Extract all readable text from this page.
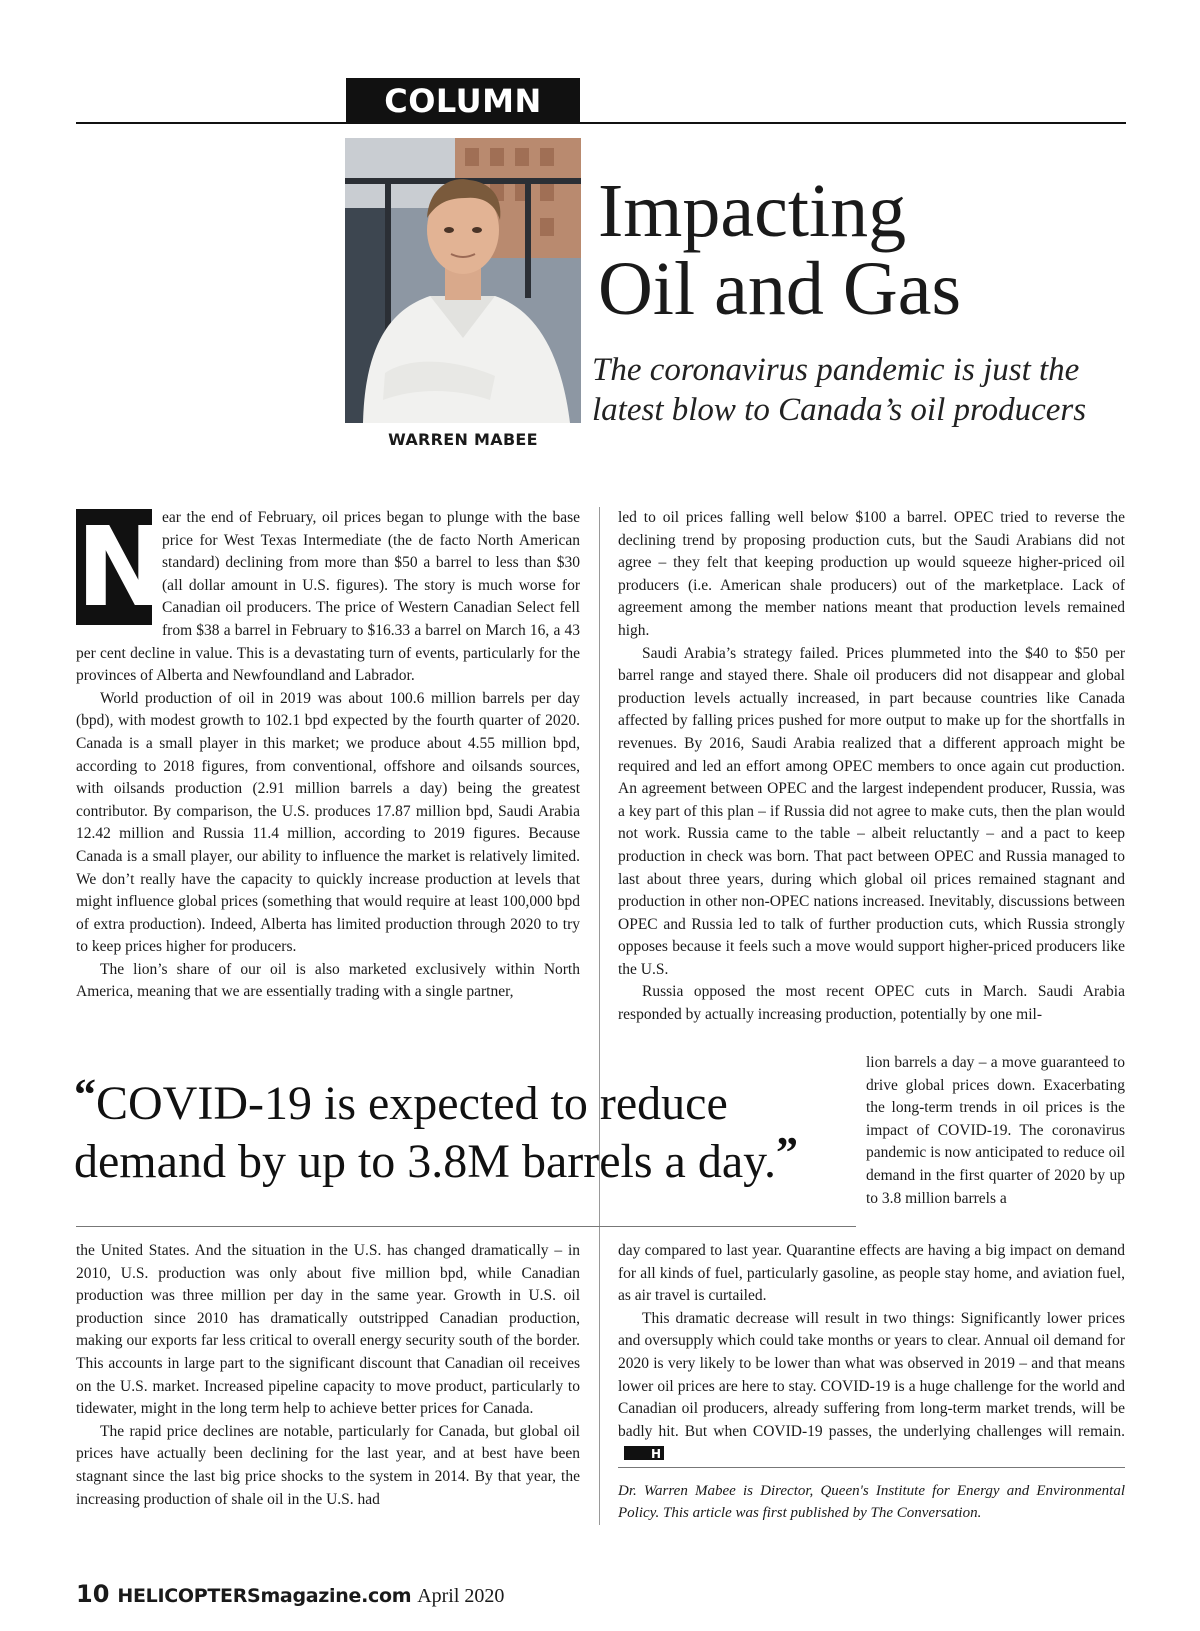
COLUMN
WARREN MABEE
Impacting
Oil and Gas
The coronavirus pandemic is just the latest blow to Canada’s oil producers
N

ear the end of February, oil prices began to plunge with the base price for West Texas Intermediate (the de facto North American standard) declining from more than $50 a barrel to less than $30 (all dollar amount in U.S. figures). The story is much worse for Canadian oil producers. The price of Western Canadian Select fell from $38 a barrel in February to $16.33 a barrel on March 16, a 43 per cent decline in value. This is a devastating turn of events, particularly for the provinces of Alberta and Newfoundland and Labrador.

World production of oil in 2019 was about 100.6 million barrels per day (bpd), with modest growth to 102.1 bpd expected by the fourth quarter of 2020. Canada is a small player in this market; we produce about 4.55 million bpd, according to 2018 figures, from conventional, offshore and oilsands sources, with oilsands production (2.91 million barrels a day) being the greatest contributor. By comparison, the U.S. produces 17.87 million bpd, Saudi Arabia 12.42 million and Russia 11.4 million, according to 2019 figures. Because Canada is a small player, our ability to influence the market is relatively limited. We don’t really have the capacity to quickly increase production at levels that might influence global prices (something that would require at least 100,000 bpd of extra production). Indeed, Alberta has limited production through 2020 to try to keep prices higher for producers.

The lion’s share of our oil is also marketed exclusively within North America, meaning that we are essentially trading with a single partner,

led to oil prices falling well below $100 a barrel. OPEC tried to reverse the declining trend by proposing production cuts, but the Saudi Arabians did not agree – they felt that keeping production up would squeeze higher-priced oil producers (i.e. American shale producers) out of the marketplace. Lack of agreement among the member nations meant that production levels remained high.

Saudi Arabia’s strategy failed. Prices plummeted into the $40 to $50 per barrel range and stayed there. Shale oil producers did not disappear and global production levels actually increased, in part because countries like Canada affected by falling prices pushed for more output to make up for the shortfalls in revenues. By 2016, Saudi Arabia realized that a different approach might be required and led an effort among OPEC members to once again cut production. An agreement between OPEC and the largest independent producer, Russia, was a key part of this plan – if Russia did not agree to make cuts, then the plan would not work. Russia came to the table – albeit reluctantly – and a pact to keep production in check was born. That pact between OPEC and Russia managed to last about three years, during which global oil prices remained stagnant and production in other non-OPEC nations increased. Inevitably, discussions between OPEC and Russia led to talk of further production cuts, which Russia strongly opposes because it feels such a move would support higher-priced producers like the U.S.

Russia opposed the most recent OPEC cuts in March. Saudi Arabia responded by actually increasing production, potentially by one mil-

“COVID-19 is expected to reduce demand by up to 3.8M barrels a day.”

lion barrels a day – a move guaranteed to drive global prices down. Exacerbating the long-term trends in oil prices is the impact of COVID-19. The coronavirus pandemic is now anticipated to reduce oil demand in the first quarter of 2020 by up to 3.8 million barrels a

the United States. And the situation in the U.S. has changed dramatically – in 2010, U.S. production was only about five million bpd, while Canadian production was three million per day in the same year. Growth in U.S. oil production since 2010 has dramatically outstripped Canadian production, making our exports far less critical to overall energy security south of the border. This accounts in large part to the significant discount that Canadian oil receives on the U.S. market. Increased pipeline capacity to move product, particularly to tidewater, might in the long term help to achieve better prices for Canada.

The rapid price declines are notable, particularly for Canada, but global oil prices have actually been declining for the last year, and at best have been stagnant since the last big price shocks to the system in 2014. By that year, the increasing production of shale oil in the U.S. had

day compared to last year. Quarantine effects are having a big impact on demand for all kinds of fuel, particularly gasoline, as people stay home, and aviation fuel, as air travel is curtailed.

This dramatic decrease will result in two things: Significantly lower prices and oversupply which could take months or years to clear. Annual oil demand for 2020 is very likely to be lower than what was observed in 2019 – and that means lower oil prices are here to stay. COVID-19 is a huge challenge for the world and Canadian oil producers, already suffering from long-term market trends, will be badly hit. But when COVID-19 passes, the underlying challenges will remain.H

Dr. Warren Mabee is Director, Queen's Institute for Energy and Environmental Policy. This article was first published by The Conversation.
10 HELICOPTERSmagazine.com April 2020
